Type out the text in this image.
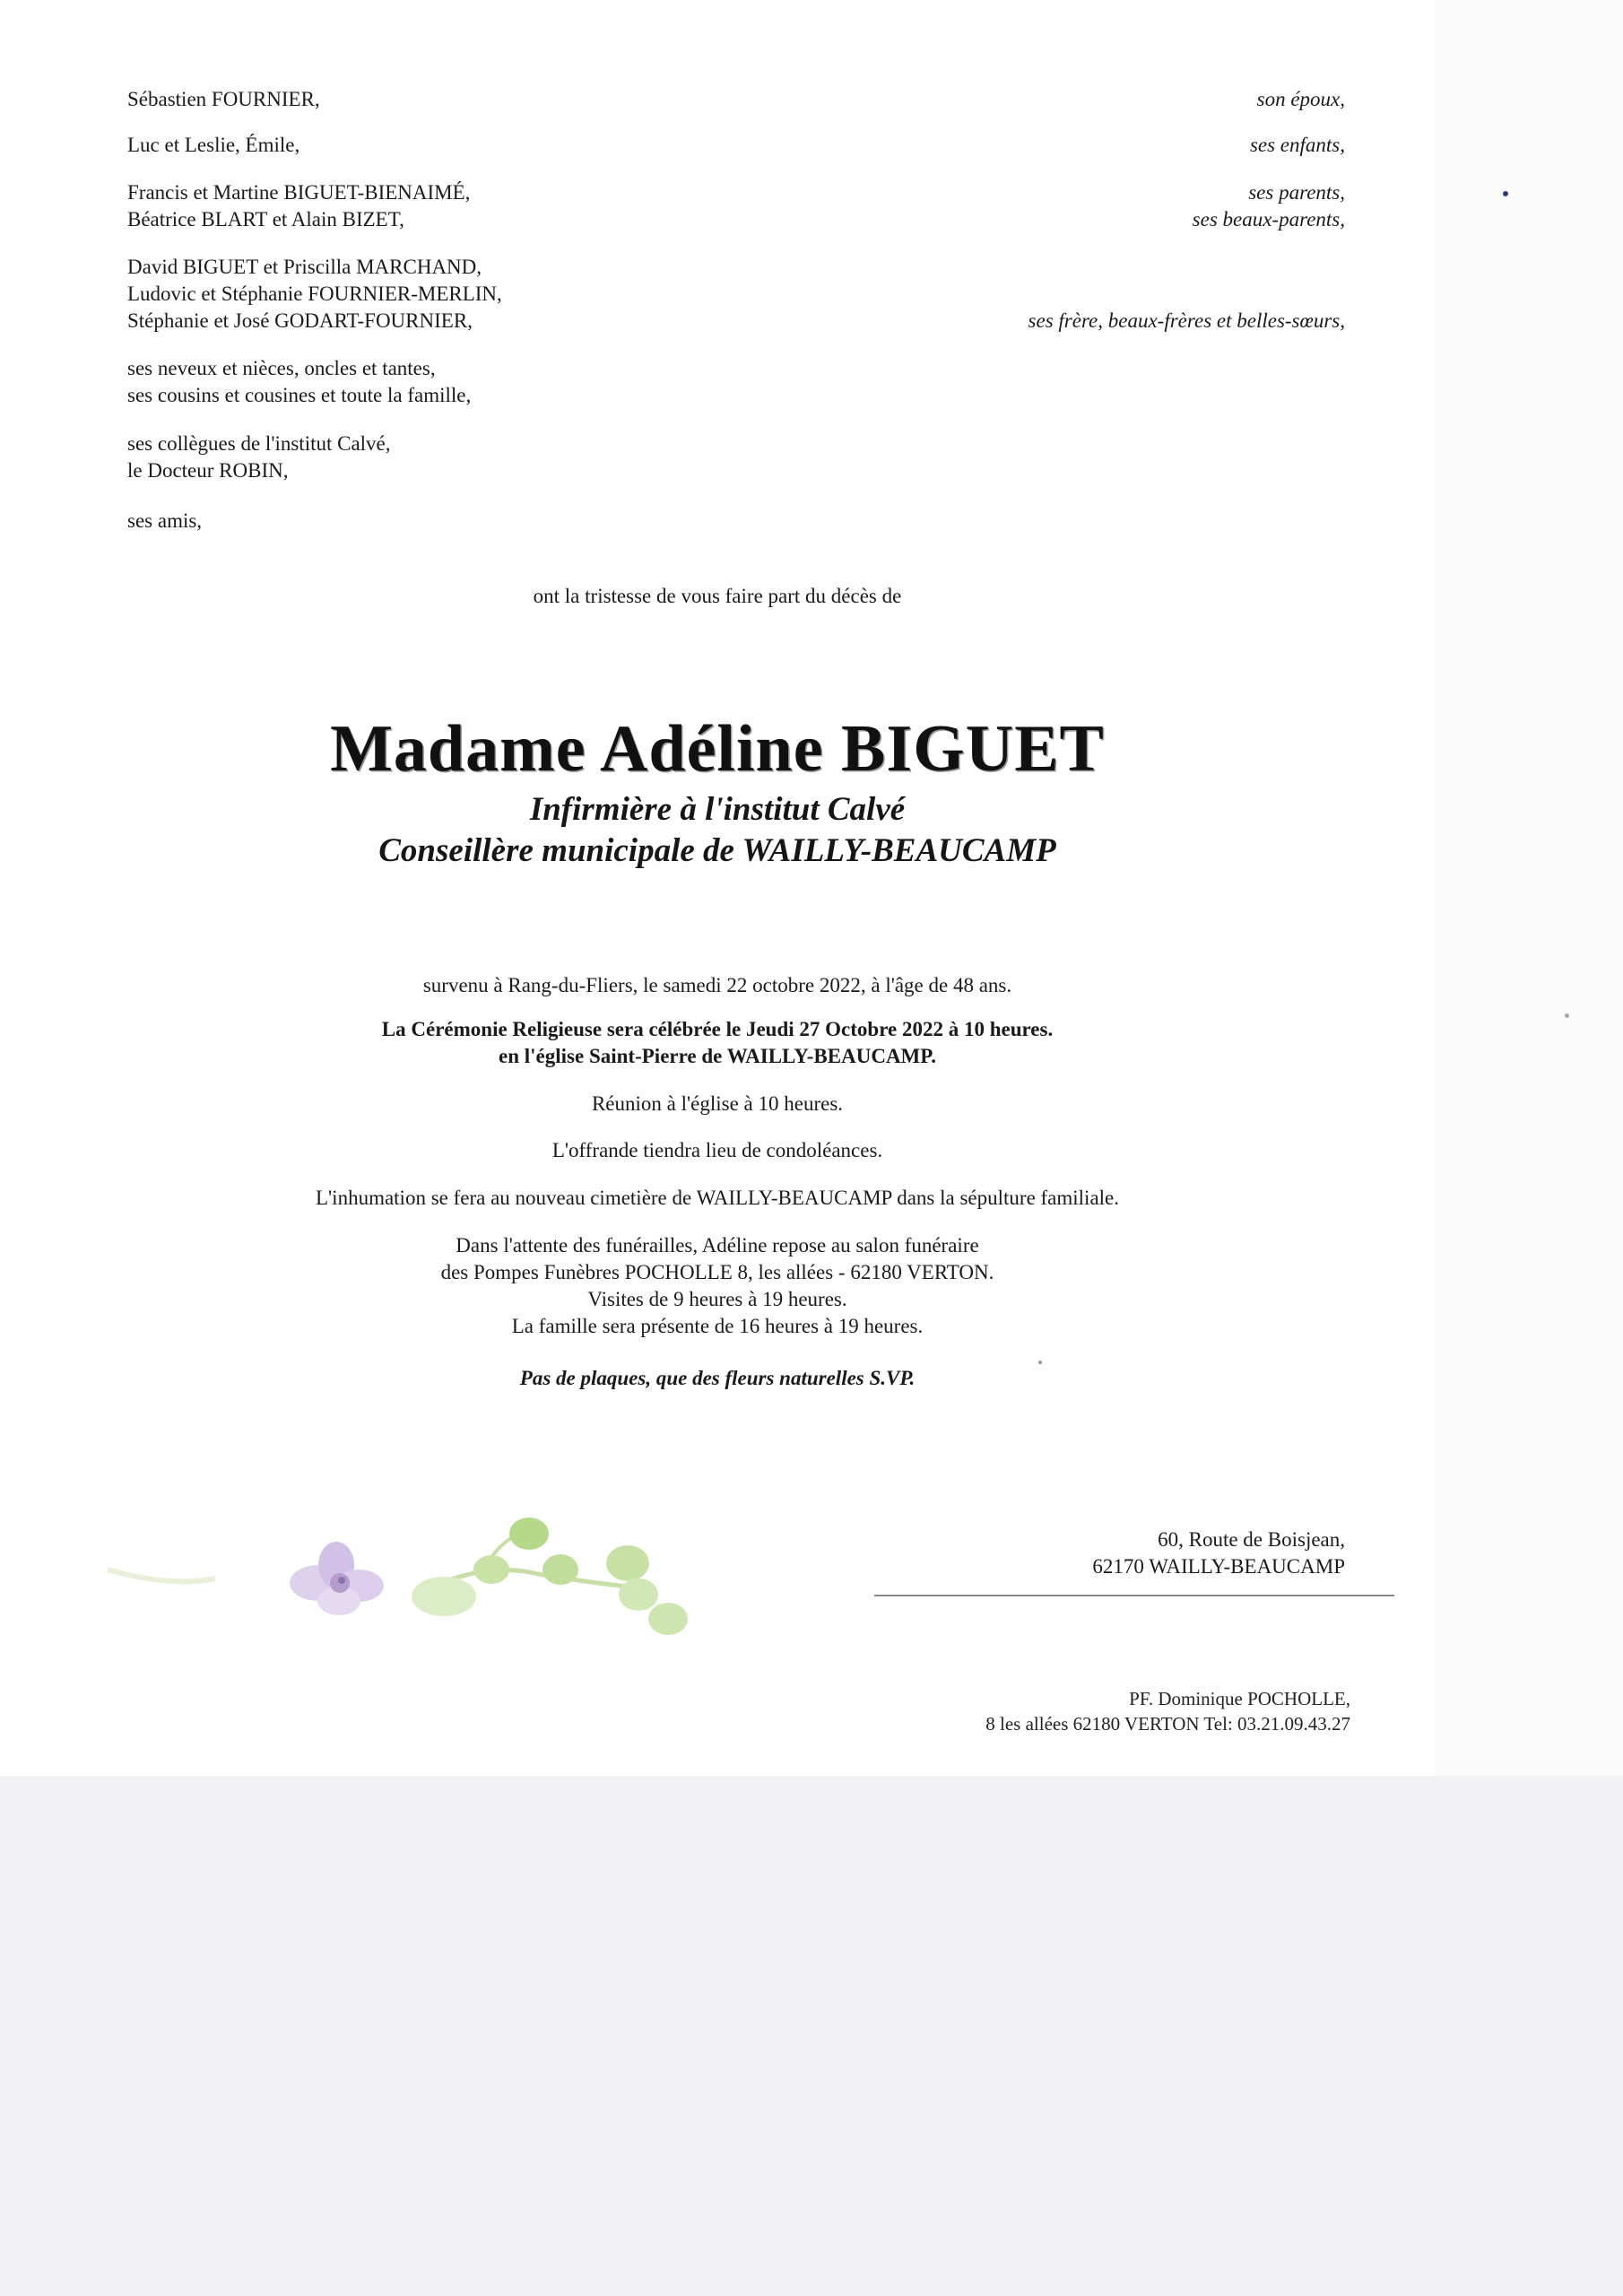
Sébastien FOURNIER,
Luc et Leslie, Émile,
Francis et Martine BIGUET-BIENAIMÉ,
Béatrice BLART et Alain BIZET,
David BIGUET et Priscilla MARCHAND,
Ludovic et Stéphanie FOURNIER-MERLIN,
Stéphanie et José GODART-FOURNIER,
ses neveux et nièces, oncles et tantes,
ses cousins et cousines et toute la famille,
ses collègues de l'institut Calvé,
le Docteur ROBIN,
ses amis,
son époux,
ses enfants,
ses parents,
ses beaux-parents,
ses frère, beaux-frères et belles-sœurs,
ont la tristesse de vous faire part du décès de
Madame Adéline BIGUET
Infirmière à l'institut Calvé
Conseillère municipale de WAILLY-BEAUCAMP
survenu à Rang-du-Fliers, le samedi 22 octobre 2022, à l'âge de 48 ans.
La Cérémonie Religieuse sera célébrée le Jeudi 27 Octobre 2022 à 10 heures.
en l'église Saint-Pierre de WAILLY-BEAUCAMP.
Réunion à l'église à 10 heures.
L'offrande tiendra lieu de condoléances.
L'inhumation se fera au nouveau cimetière de WAILLY-BEAUCAMP dans la sépulture familiale.
Dans l'attente des funérailles, Adéline repose au salon funéraire
des Pompes Funèbres POCHOLLE 8, les allées - 62180 VERTON.
Visites de 9 heures à 19 heures.
La famille sera présente de 16 heures à 19 heures.
Pas de plaques, que des fleurs naturelles S.VP.
60, Route de Boisjean,
62170 WAILLY-BEAUCAMP
PF. Dominique POCHOLLE,
8 les allées 62180 VERTON Tel: 03.21.09.43.27
